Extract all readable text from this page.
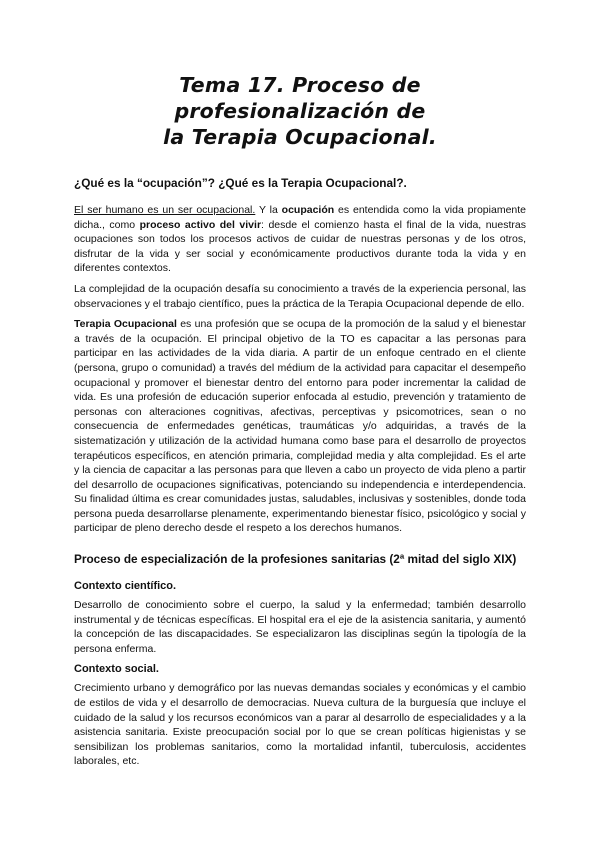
Tema 17. Proceso de profesionalización de
la Terapia Ocupacional.
¿Qué es la “ocupación”? ¿Qué es la Terapia Ocupacional?.

El ser humano es un ser ocupacional. Y la ocupación es entendida como la vida propiamente dicha., como proceso activo del vivir: desde el comienzo hasta el final de la vida, nuestras ocupaciones son todos los procesos activos de cuidar de nuestras personas y de los otros, disfrutar de la vida y ser social y económicamente productivos durante toda la vida y en diferentes contextos.

La complejidad de la ocupación desafía su conocimiento a través de la experiencia personal, las observaciones y el trabajo científico, pues la práctica de la Terapia Ocupacional depende de ello.

Terapia Ocupacional es una profesión que se ocupa de la promoción de la salud y el bienestar a través de la ocupación. El principal objetivo de la TO es capacitar a las personas para participar en las actividades de la vida diaria. A partir de un enfoque centrado en el cliente (persona, grupo o comunidad) a través del médium de la actividad para capacitar el desempeño ocupacional y promover el bienestar dentro del entorno para poder incrementar la calidad de vida. Es una profesión de educación superior enfocada al estudio, prevención y tratamiento de personas con alteraciones cognitivas, afectivas, perceptivas y psicomotrices, sean o no consecuencia de enfermedades genéticas, traumáticas y/o adquiridas, a través de la sistematización y utilización de la actividad humana como base para el desarrollo de proyectos terapéuticos específicos, en atención primaria, complejidad media y alta complejidad. Es el arte y la ciencia de capacitar a las personas para que lleven a cabo un proyecto de vida pleno a partir del desarrollo de ocupaciones significativas, potenciando su independencia e interdependencia. Su finalidad última es crear comunidades justas, saludables, inclusivas y sostenibles, donde toda persona pueda desarrollarse plenamente, experimentando bienestar físico, psicológico y social y participar de pleno derecho desde el respeto a los derechos humanos.

Proceso de especialización de la profesiones sanitarias (2ª mitad del siglo XIX)
Contexto científico.

Desarrollo de conocimiento sobre el cuerpo, la salud y la enfermedad; también desarrollo instrumental y de técnicas específicas. El hospital era el eje de la asistencia sanitaria, y aumentó la concepción de las discapacidades. Se especializaron las disciplinas según la tipología de la persona enferma.

Contexto social.

Crecimiento urbano y demográfico por las nuevas demandas sociales y económicas y el cambio de estilos de vida y el desarrollo de democracias. Nueva cultura de la burguesía que incluye el cuidado de la salud y los recursos económicos van a parar al desarrollo de especialidades y a la asistencia sanitaria. Existe preocupación social por lo que se crean políticas higienistas y se sensibilizan los problemas sanitarios, como la mortalidad infantil, tuberculosis, accidentes laborales, etc.
